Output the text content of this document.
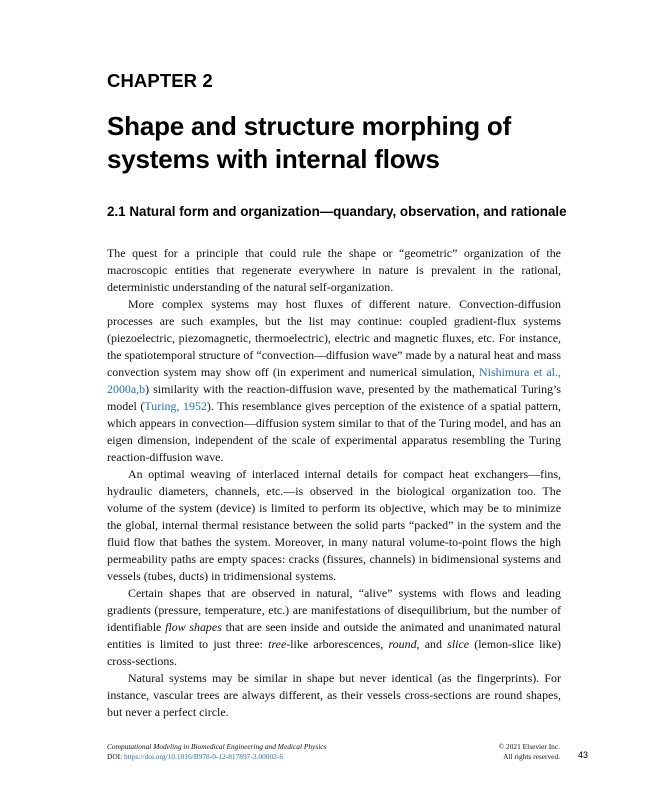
CHAPTER 2
Shape and structure morphing of systems with internal flows
2.1 Natural form and organization—quandary, observation, and rationale

The quest for a principle that could rule the shape or “geometric” organization of the macroscopic entities that regenerate everywhere in nature is prevalent in the rational, deterministic understanding of the natural self-organization.

More complex systems may host fluxes of different nature. Convection-diffusion processes are such examples, but the list may continue: coupled gradient-flux systems (piezoelectric, piezomagnetic, thermoelectric), electric and magnetic fluxes, etc. For instance, the spatiotemporal structure of “convection—diffusion wave” made by a natural heat and mass convection system may show off (in experiment and numerical simulation, Nishimura et al., 2000a,b) similarity with the reaction-diffusion wave, presented by the mathematical Turing’s model (Turing, 1952). This resemblance gives perception of the existence of a spatial pattern, which appears in convection—diffusion system similar to that of the Turing model, and has an eigen dimension, independent of the scale of experimental apparatus resembling the Turing reaction-diffusion wave.

An optimal weaving of interlaced internal details for compact heat exchangers—fins, hydraulic diameters, channels, etc.—is observed in the biological organization too. The volume of the system (device) is limited to perform its objective, which may be to minimize the global, internal thermal resistance between the solid parts “packed” in the system and the fluid flow that bathes the system. Moreover, in many natural volume-to-point flows the high permeability paths are empty spaces: cracks (fissures, channels) in bidimensional systems and vessels (tubes, ducts) in tridimensional systems.

Certain shapes that are observed in natural, “alive” systems with flows and leading gradients (pressure, temperature, etc.) are manifestations of disequilibrium, but the number of identifiable flow shapes that are seen inside and outside the animated and unanimated natural entities is limited to just three: tree-like arborescences, round, and slice (lemon-slice like) cross-sections.

Natural systems may be similar in shape but never identical (as the fingerprints). For instance, vascular trees are always different, as their vessels cross-sections are round shapes, but never a perfect circle.

Computational Modeling in Biomedical Engineering and Medical Physics
DOI: https://doi.org/10.1016/B978-0-12-817897-3.00002-6
© 2021 Elsevier Inc.
All rights reserved. 43
